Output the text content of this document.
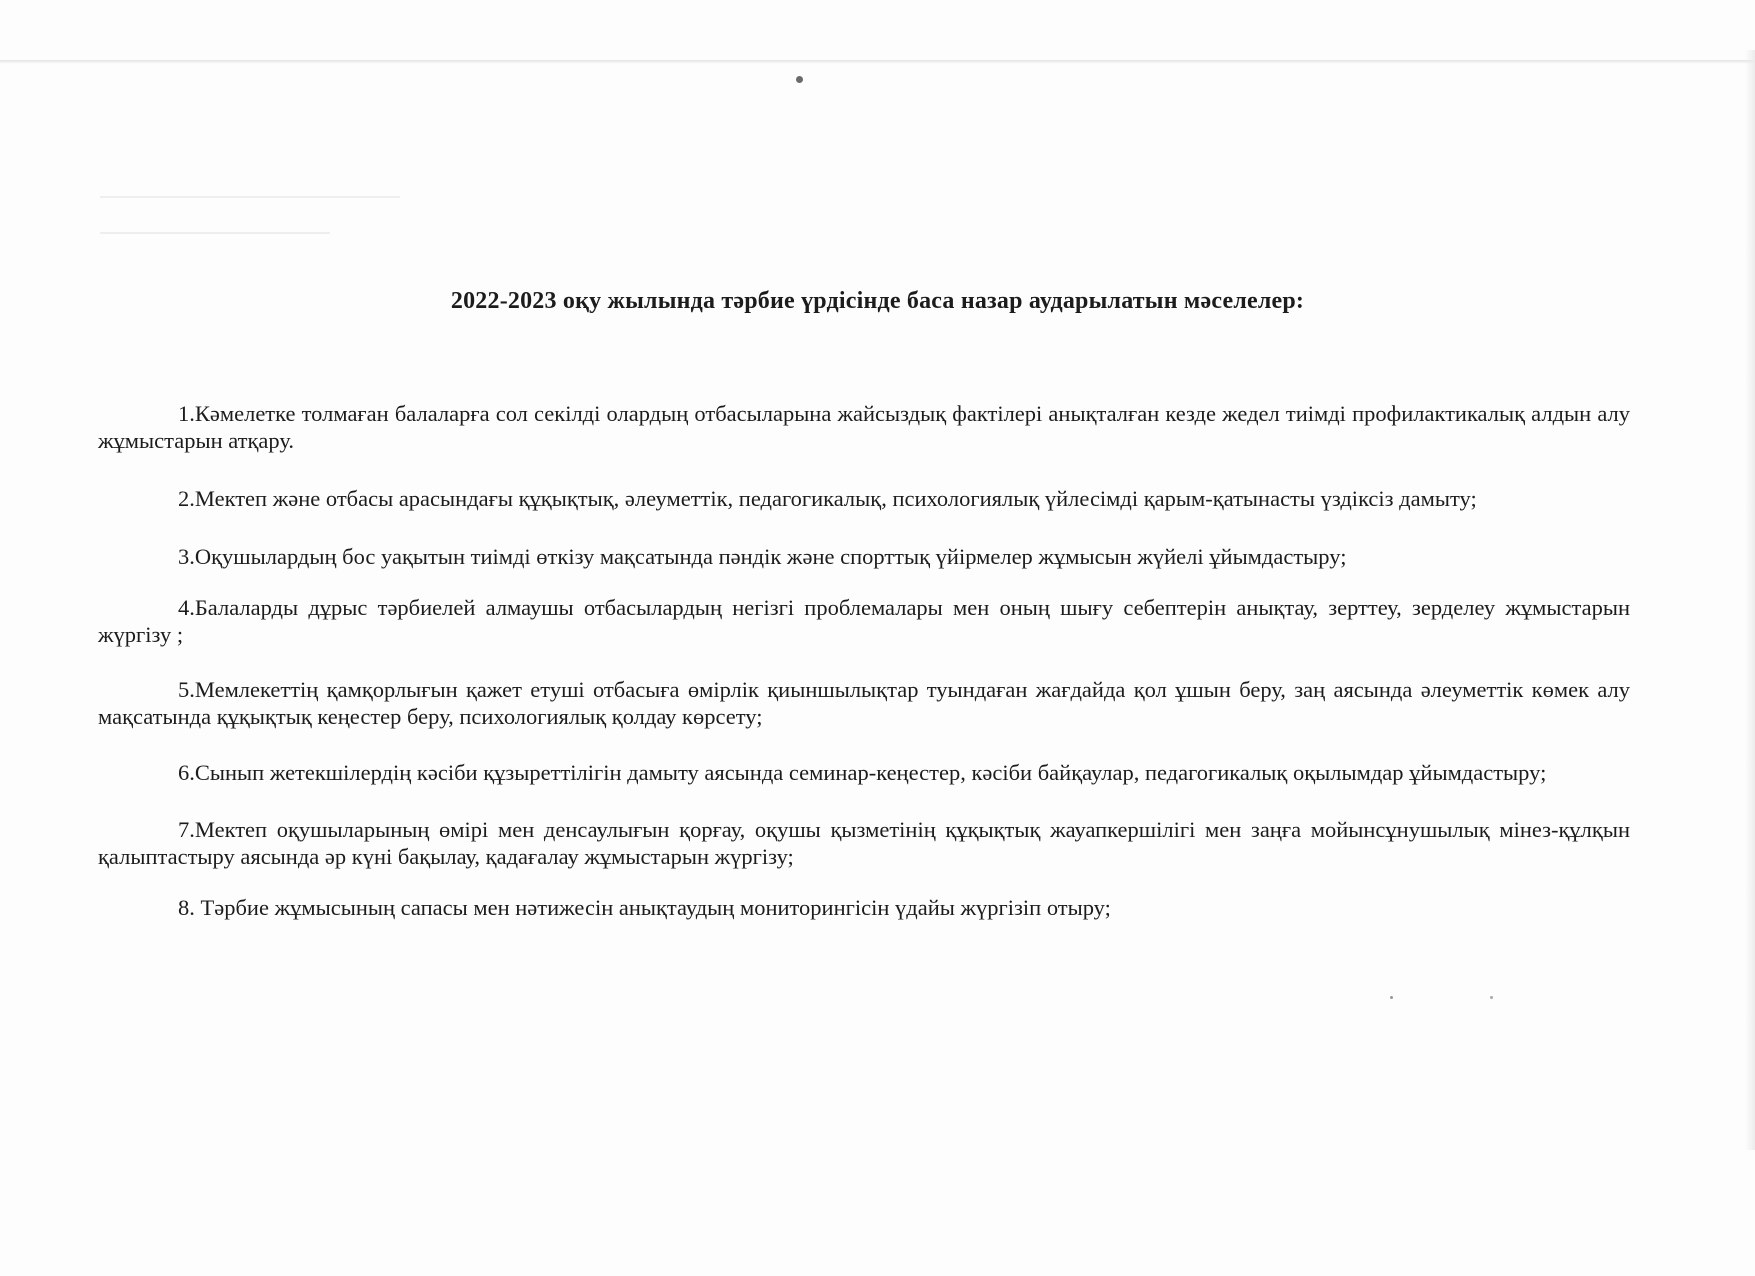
2022-2023 оқу жылында тәрбие үрдісінде баса назар аударылатын мәселелер:

1.Кәмелетке толмаған балаларға сол секілді олардың отбасыларына жайсыздық фактілері анықталған кезде жедел тиімді профилактикалық алдын алу жұмыстарын атқару.

2.Мектеп және отбасы арасындағы құқықтық, әлеуметтік, педагогикалық, психологиялық үйлесімді қарым-қатынасты үздіксіз дамыту;

3.Оқушылардың бос уақытын тиімді өткізу мақсатында пәндік және спорттық үйірмелер жұмысын жүйелі ұйымдастыру;

4.Балаларды дұрыс тәрбиелей алмаушы отбасылардың негізгі проблемалары мен оның шығу себептерін анықтау, зерттеу, зерделеу жұмыстарын жүргізу ;

5.Мемлекеттің қамқорлығын қажет етуші отбасыға өмірлік қиыншылықтар туындаған жағдайда қол ұшын беру, заң аясында әлеуметтік көмек алу мақсатында құқықтық кеңестер беру, психологиялық қолдау көрсету;

6.Сынып жетекшілердің кәсіби құзыреттілігін дамыту аясында семинар-кеңестер, кәсіби байқаулар, педагогикалық оқылымдар ұйымдастыру;

7.Мектеп оқушыларының өмірі мен денсаулығын қорғау, оқушы қызметінің құқықтық жауапкершілігі мен заңға мойынсұнушылық мінез-құлқын қалыптастыру аясында әр күні бақылау, қадағалау жұмыстарын жүргізу;

8. Тәрбие жұмысының сапасы мен нәтижесін анықтаудың мониторингісін үдайы жүргізіп отыру;
